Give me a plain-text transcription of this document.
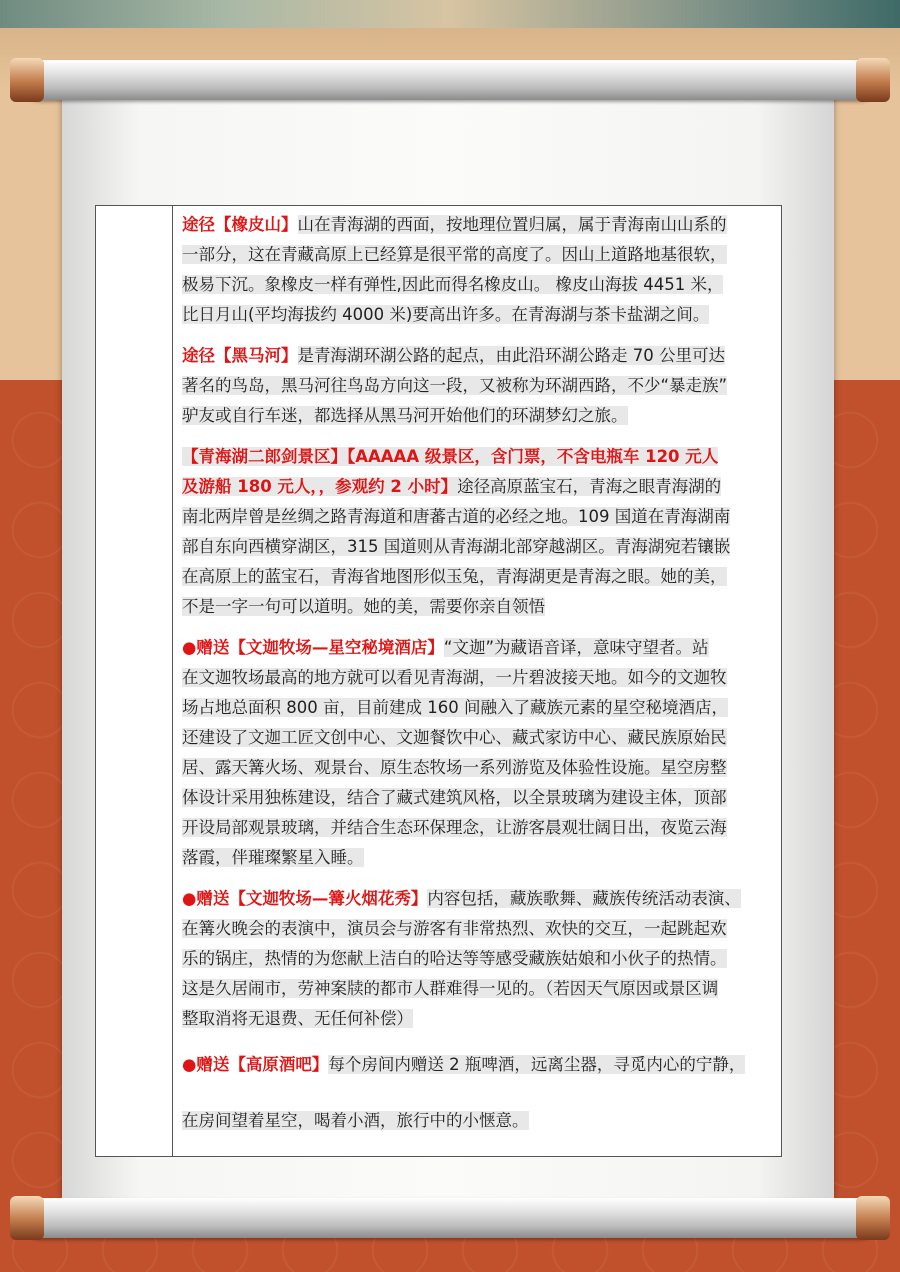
途径【橡皮山】山在青海湖的西面，按地理位置归属，属于青海南山山系的
一部分，这在青藏高原上已经算是很平常的高度了。因山上道路地基很软，
极易下沉。象橡皮一样有弹性,因此而得名橡皮山。 橡皮山海拔 4451 米，
比日月山(平均海拔约 4000 米)要高出许多。在青海湖与茶卡盐湖之间。
途径【黑马河】是青海湖环湖公路的起点，由此沿环湖公路走 70 公里可达
著名的鸟岛，黑马河往鸟岛方向这一段，又被称为环湖西路，不少“暴走族”
驴友或自行车迷，都选择从黑马河开始他们的环湖梦幻之旅。
【青海湖二郎剑景区】【AAAAA 级景区，含门票，不含电瓶车 120 元人
及游船 180 元人，，参观约 2 小时】途径高原蓝宝石，青海之眼青海湖的
南北两岸曾是丝绸之路青海道和唐蕃古道的必经之地。109 国道在青海湖南
部自东向西横穿湖区，315 国道则从青海湖北部穿越湖区。青海湖宛若镶嵌
在高原上的蓝宝石，青海省地图形似玉兔，青海湖更是青海之眼。她的美，
不是一字一句可以道明。她的美，需要你亲自领悟
●赠送【文迦牧场—星空秘境酒店】“文迦”为藏语音译，意味守望者。站
在文迦牧场最高的地方就可以看见青海湖，一片碧波接天地。如今的文迦牧
场占地总面积 800 亩，目前建成 160 间融入了藏族元素的星空秘境酒店，
还建设了文迦工匠文创中心、文迦餐饮中心、藏式家访中心、藏民族原始民
居、露天篝火场、观景台、原生态牧场一系列游览及体验性设施。星空房整
体设计采用独栋建设，结合了藏式建筑风格，以全景玻璃为建设主体，顶部
开设局部观景玻璃，并结合生态环保理念，让游客晨观壮阔日出，夜览云海
落霞，伴璀璨繁星入睡。
●赠送【文迦牧场—篝火烟花秀】内容包括，藏族歌舞、藏族传统活动表演、
在篝火晚会的表演中，演员会与游客有非常热烈、欢快的交互，一起跳起欢
乐的锅庄，热情的为您献上洁白的哈达等等感受藏族姑娘和小伙子的热情。
这是久居闹市，劳神案牍的都市人群难得一见的。（若因天气原因或景区调
整取消将无退费、无任何补偿）
●赠送【高原酒吧】每个房间内赠送 2 瓶啤酒，远离尘器，寻觅内心的宁静，
在房间望着星空，喝着小酒，旅行中的小惬意。
